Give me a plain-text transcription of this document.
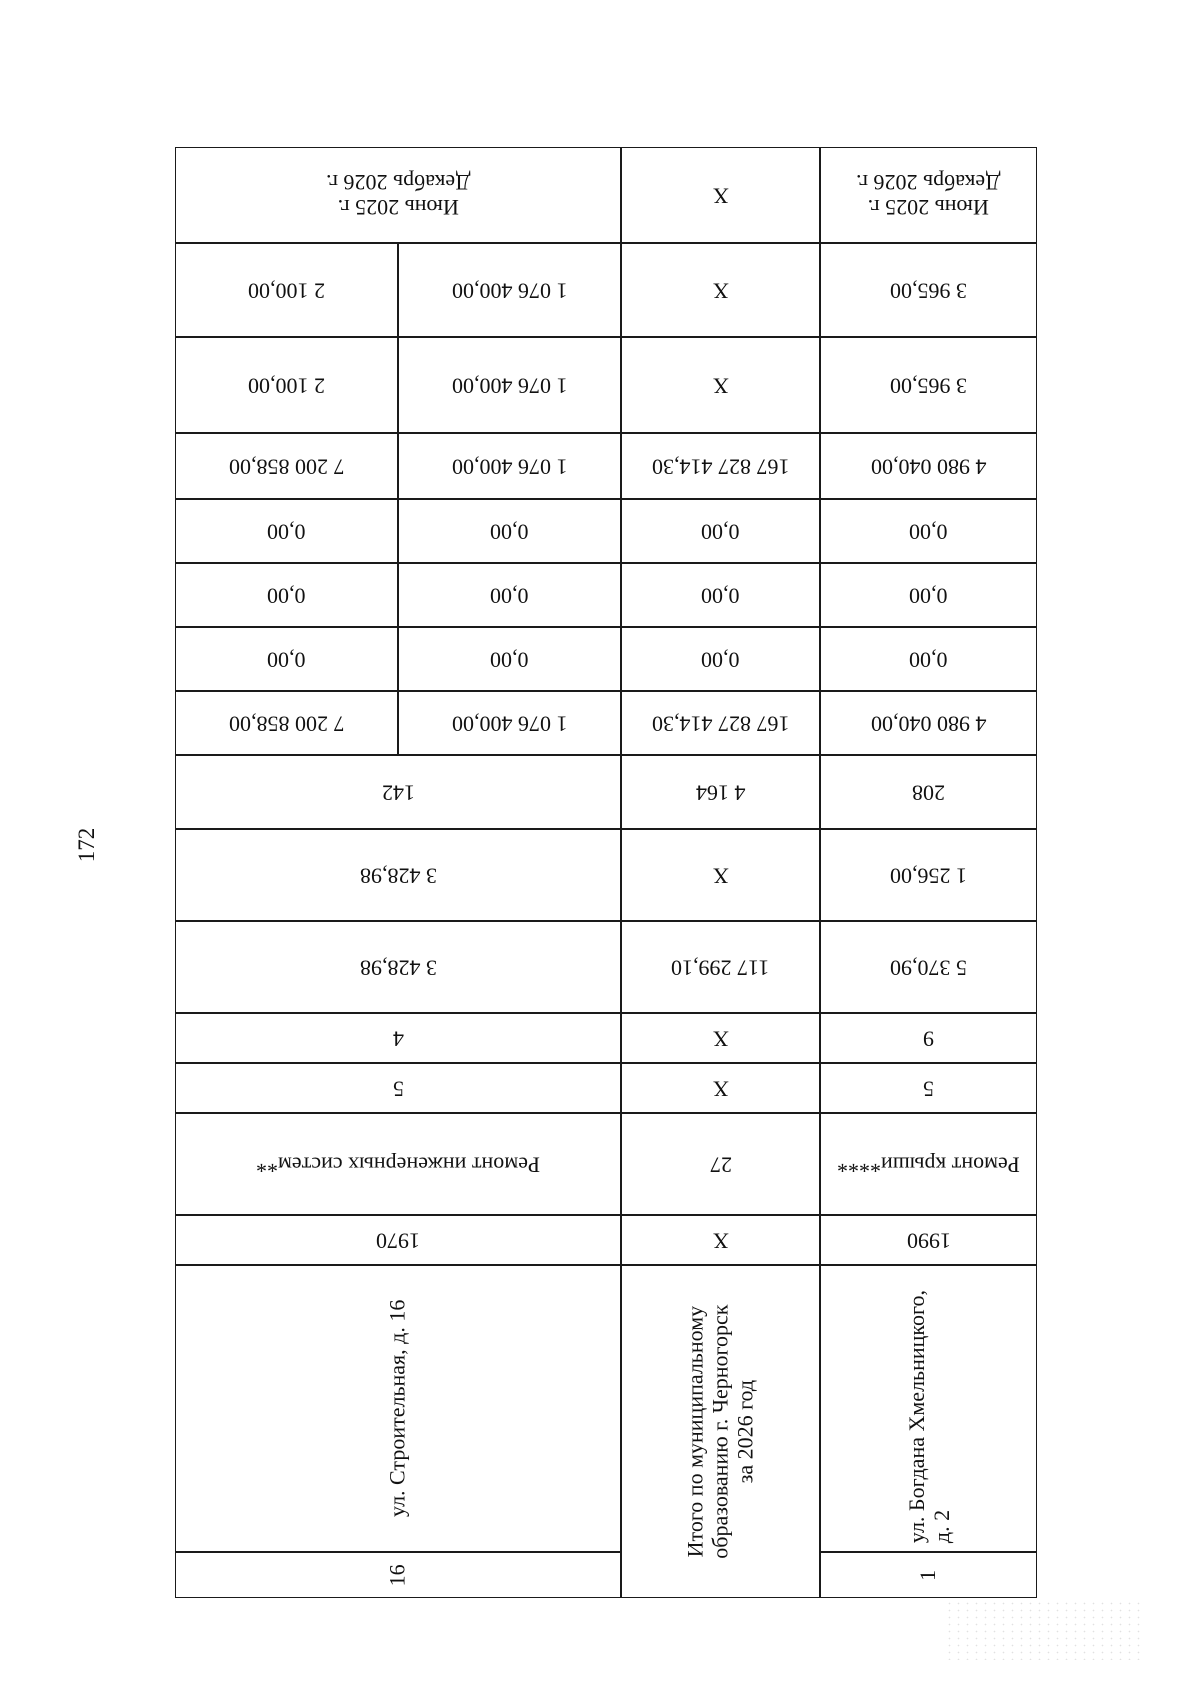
172
Июнь 2025 г.
Декабрь 2026 г.
3 965,00
3 965,00
4 980 040,00
0,00
0,00
0,00
4 980 040,00
208
1 256,00
5 370,90
9
5
Ремонт крыши****
1990
ул. Богдана Хмельницкого, д. 2
1
Х
Х
Х
167 827 414,30
0,00
0,00
0,00
167 827 414,30
4 164
Х
117 299,10
Х
Х
27
Х
Итого по муниципальному образованию г. Черногорск за 2026 год
Июнь 2025 г.
Декабрь 2026 г.
1 076 400,00
2 100,00
1 076 400,00
2 100,00
1 076 400,00
7 200 858,00
0,00
0,00
0,00
0,00
0,00
0,00
1 076 400,00
7 200 858,00
142
3 428,98
3 428,98
4
5
Ремонт инженерных систем**
1970
ул. Строительная, д. 16
16
